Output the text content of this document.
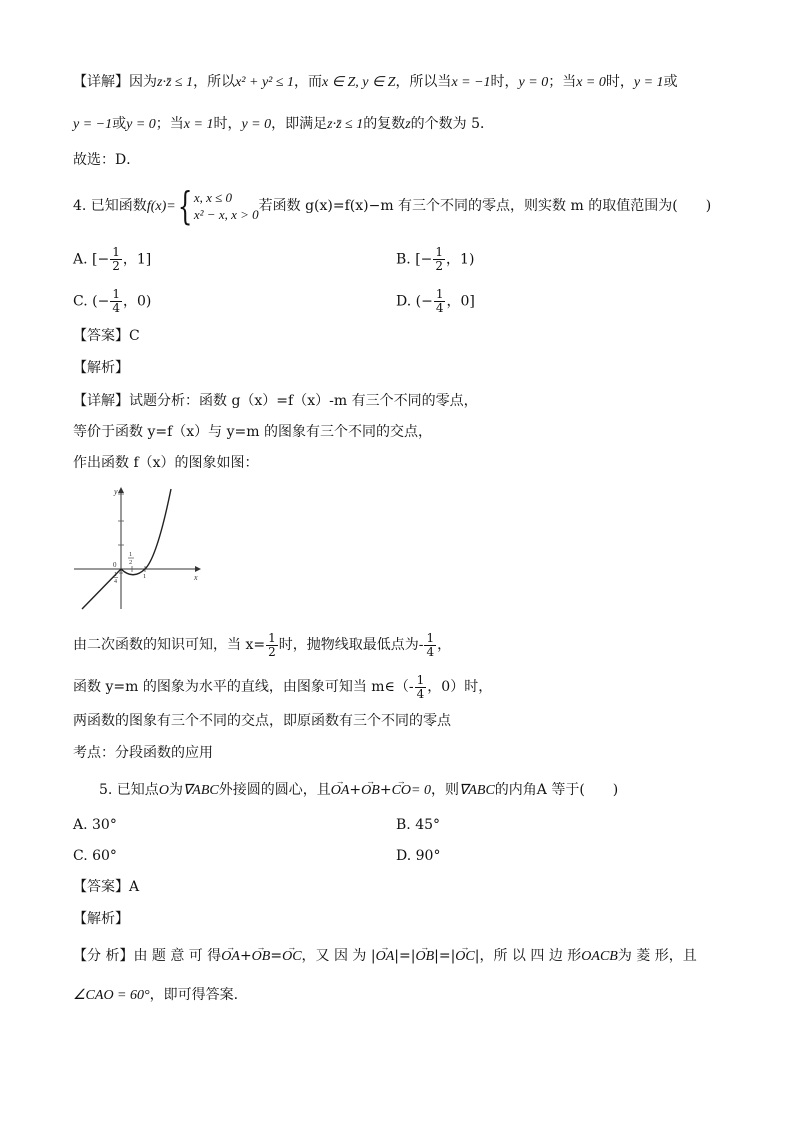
【详解】因为z·z̄ ≤ 1，所以x² + y² ≤ 1，而x ∈ Z, y ∈ Z，所以当x = −1时，y = 0；当x = 0时，y = 1或
y = −1或y = 0；当x = 1时，y = 0，即满足z·z̄ ≤ 1的复数z的个数为 5．
故选：D．
4. 已知函数f(x)={ x, x ≤ 0
x² − x, x > 0
若函数 g(x)=f(x)−m 有三个不同的零点，则实数 m 的取值范围为(　　)
A. [− $\frac{1}{2}$ ，1]	B. [− $\frac{1}{2}$ ，1)
C. (− $\frac{1}{4}$ ，0)	D. (− $\frac{1}{4}$ ，0]
【答案】C
【解析】
【详解】试题分析：函数 g（x）=f（x）-m 有三个不同的零点，
等价于函数 y=f（x）与 y=m 的图象有三个不同的交点，
作出函数 f（x）的图象如图：
y
x
0
1
2
1
1
4
由二次函数的知识可知，当 $x= \frac{1}{2}$ 时，抛物线取最低点为- $\frac{1}{4}$ ，
函数 y=m 的图象为水平的直线，由图象可知当 m∈（- $\frac{1}{4}$ ，0）时，
两函数的图象有三个不同的交点，即原函数有三个不同的零点
考点：分段函数的应用
5. 已知点O为∇ABC外接圆的圆心，且→ OA+→ OB+→ CO= 0，则∇ABC的内角A 等于(　　)
A. 30°	B. 45°
C. 60°	D. 90°
【答案】A
【解析】
【分 析】由 题 意 可 得→ OA+→ OB=→ OC，又 因 为 |→ OA|=|→ OB|=|→ OC|，所 以 四 边 形OACB为 菱 形，且
∠CAO = 60°，即可得答案.
